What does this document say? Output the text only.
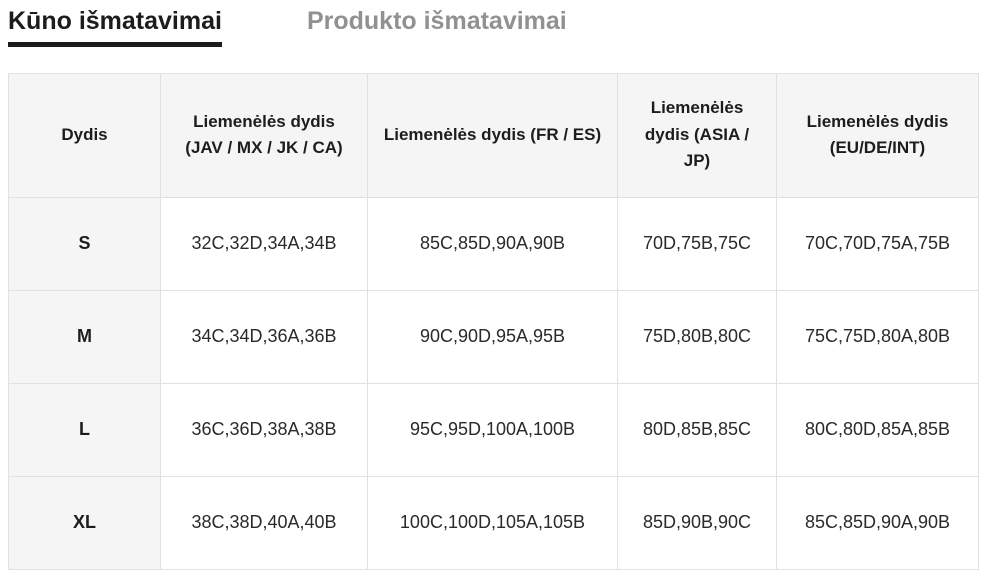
Kūno išmatavimai	Produkto išmatavimai
Dydis	Liemenėlės dydis (JAV / MX / JK / CA)	Liemenėlės dydis (FR / ES)	Liemenėlės dydis (ASIA / JP)	Liemenėlės dydis (EU/DE/INT)
S	32C,32D,34A,34B	85C,85D,90A,90B	70D,75B,75C	70C,70D,75A,75B
M	34C,34D,36A,36B	90C,90D,95A,95B	75D,80B,80C	75C,75D,80A,80B
L	36C,36D,38A,38B	95C,95D,100A,100B	80D,85B,85C	80C,80D,85A,85B
XL	38C,38D,40A,40B	100C,100D,105A,105B	85D,90B,90C	85C,85D,90A,90B
